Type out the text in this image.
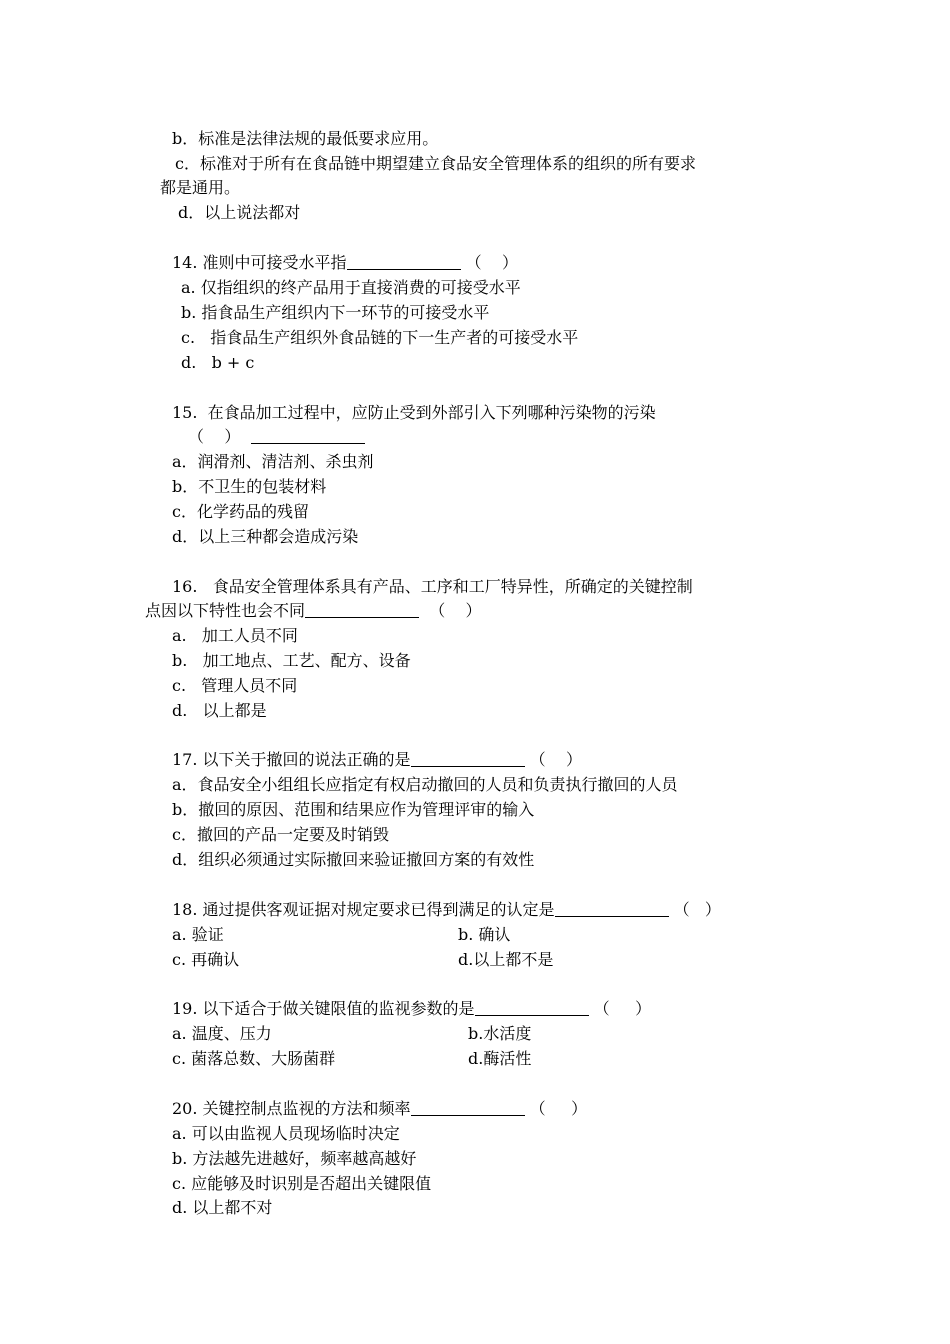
b．标准是法律法规的最低要求应用。
c．标准对于所有在食品链中期望建立食品安全管理体系的组织的所有要求
都是通用。
d．以上说法都对
14. 准则中可接受水平指	（    ）
a. 仅指组织的终产品用于直接消费的可接受水平
b. 指食品生产组织内下一环节的可接受水平
c.   指食品生产组织外食品链的下一生产者的可接受水平
d.   b + c
15.  在食品加工过程中，应防止受到外部引入下列哪种污染物的污染
（    ）
a．润滑剂、清洁剂、杀虫剂
b．不卫生的包装材料
c．化学药品的残留
d．以上三种都会造成污染
16.   食品安全管理体系具有产品、工序和工厂特异性，所确定的关键控制
点因以下特性也会不同	（    ）
a.   加工人员不同
b.   加工地点、工艺、配方、设备
c.   管理人员不同
d.   以上都是
17. 以下关于撤回的说法正确的是	（    ）
a．食品安全小组组长应指定有权启动撤回的人员和负责执行撤回的人员
b．撤回的原因、范围和结果应作为管理评审的输入
c．撤回的产品一定要及时销毁
d．组织必须通过实际撤回来验证撤回方案的有效性
18. 通过提供客观证据对规定要求已得到满足的认定是	（   ）
a. 验证	b. 确认
c. 再确认	d.以上都不是
19. 以下适合于做关键限值的监视参数的是	（     ）
a. 温度、压力	b.水活度
c. 菌落总数、大肠菌群	d.酶活性
20. 关键控制点监视的方法和频率	（     ）
a. 可以由监视人员现场临时决定
b. 方法越先进越好，频率越高越好
c. 应能够及时识别是否超出关键限值
d. 以上都不对
